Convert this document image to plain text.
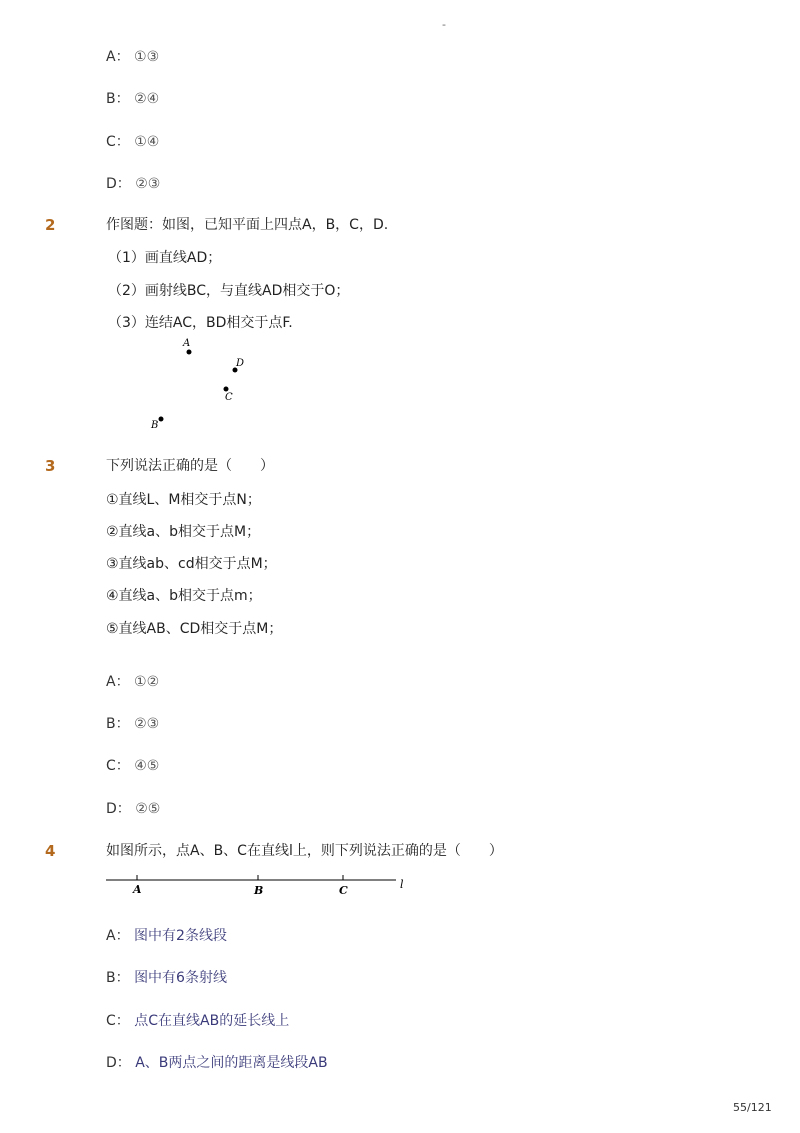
-
A： ①③
B： ②④
C： ①④
D： ②③
2	作图题：如图，已知平面上四点A，B，C，D.
（1）画直线AD；
（2）画射线BC，与直线AD相交于O；
（3）连结AC，BD相交于点F.
A
D
C
B
3	下列说法正确的是（　　）
①直线L、M相交于点N；
②直线a、b相交于点M；
③直线ab、cd相交于点M；
④直线a、b相交于点m；
⑤直线AB、CD相交于点M；
A： ①②
B： ②③
C： ④⑤
D： ②⑤
4	如图所示，点A、B、C在直线l上，则下列说法正确的是（　　）
A	B	C	l
A： 图中有2条线段
B： 图中有6条射线
C： 点C在直线AB的延长线上
D： A、B两点之间的距离是线段AB
55/121
